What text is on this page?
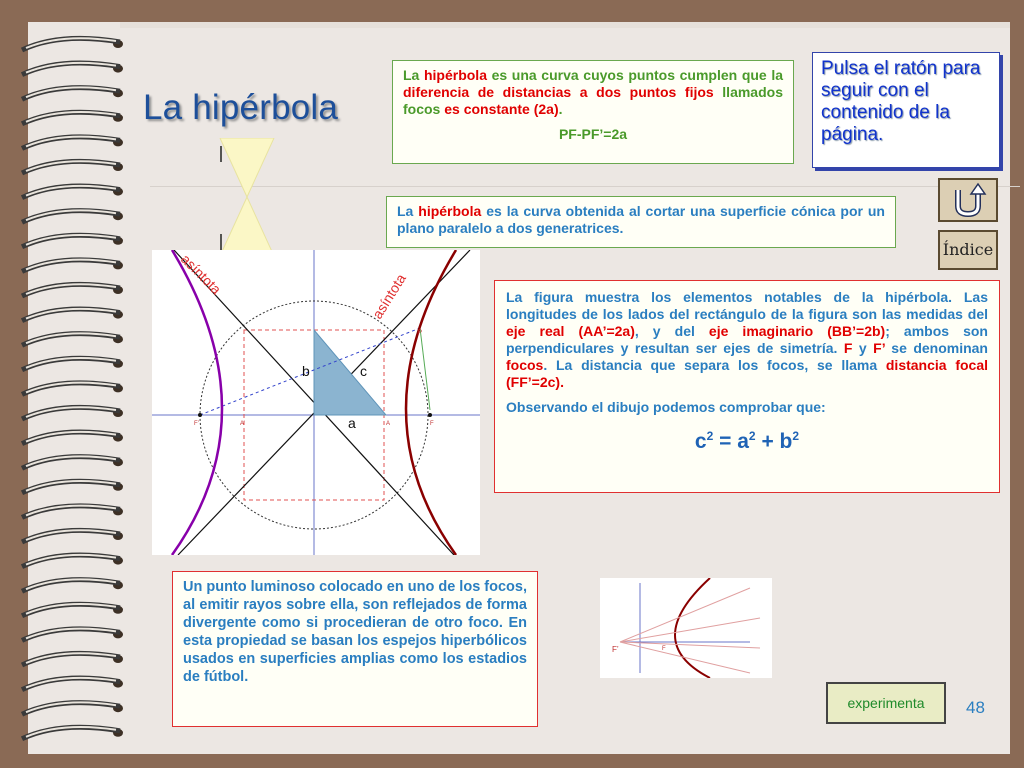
La hipérbola
La hipérbola es una curva cuyos puntos cumplen que la diferencia de distancias a dos puntos fijos llamados focos es constante (2a).
PF-PF’=2a
La hipérbola es la curva obtenida al cortar una superficie cónica por un plano paralelo a dos generatrices.
Pulsa el ratón para seguir con el contenido de la página.
Índice
asíntota	asíntota
b	c
a
F’	A’	A	F
P
La figura muestra los elementos notables de la hipérbola. Las longitudes de los lados del rectángulo de la figura son las medidas del eje real (AA’=2a), y del eje imaginario (BB’=2b); ambos son perpendiculares y resultan ser ejes de simetría. F y F’ se denominan focos. La distancia que separa los focos, se llama distancia focal (FF’=2c).
Observando el dibujo podemos comprobar que:
$c^2 = a^2 + b^2$
Un punto luminoso colocado en uno de los focos, al emitir rayos sobre ella, son reflejados de forma divergente como si procedieran de otro foco. En esta propiedad se basan los espejos hiperbólicos usados en superficies amplias como los estadios de fútbol.
F’	F
experimenta	48
